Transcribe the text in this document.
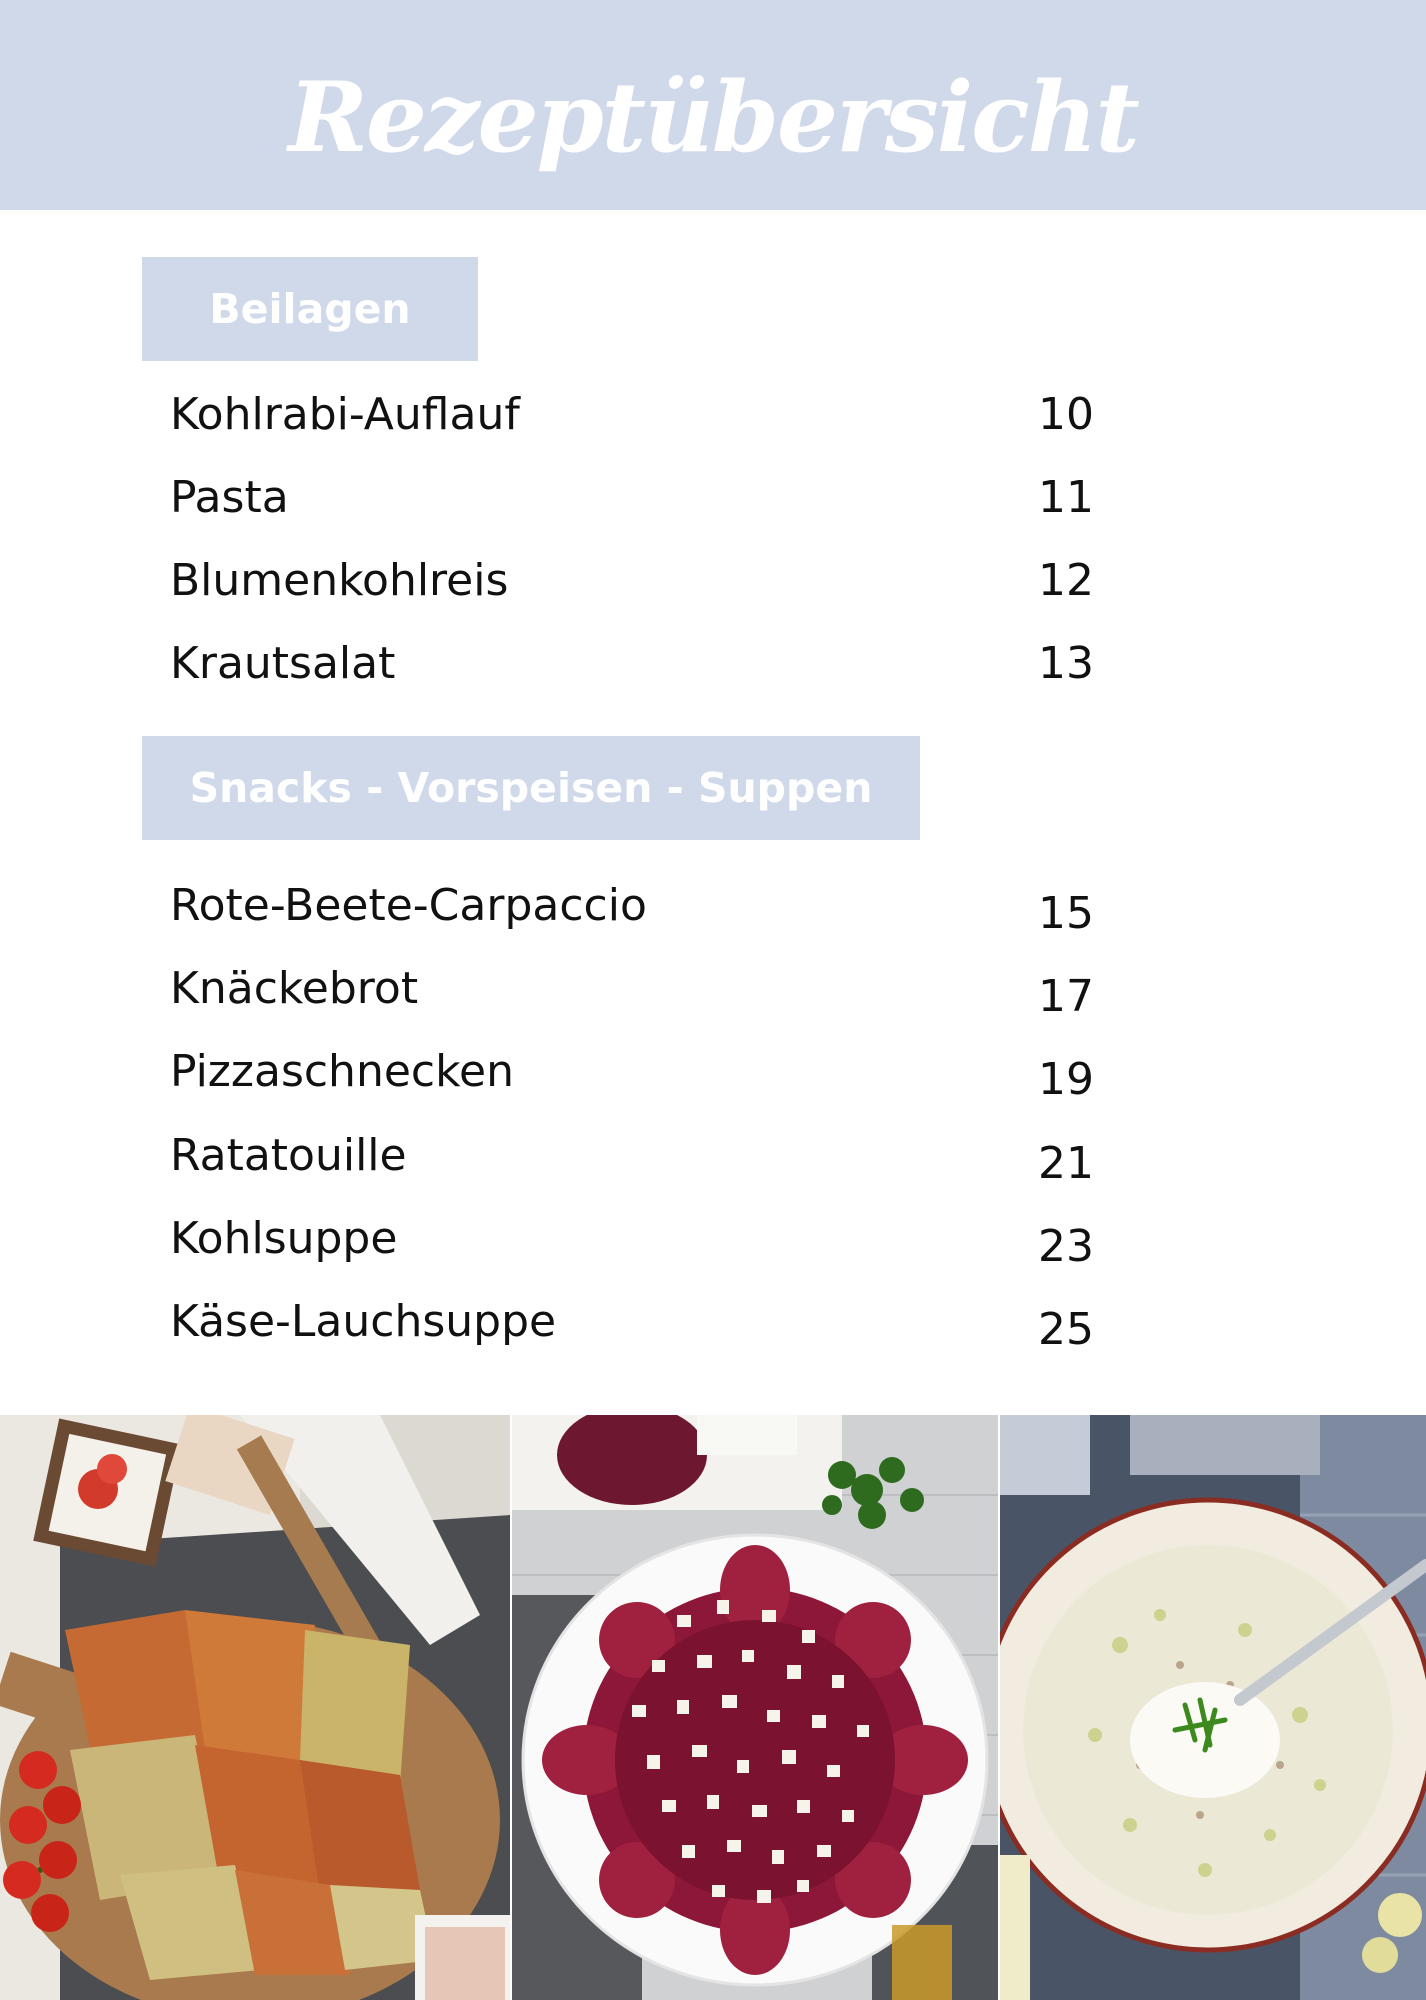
Rezeptübersicht
Beilagen
Kohlrabi-Auflauf	10
Pasta	11
Blumenkohlreis	12
Krautsalat	13
Snacks - Vorspeisen - Suppen
Rote-Beete-Carpaccio	15
Knäckebrot	17
Pizzaschnecken	19
Ratatouille	21
Kohlsuppe	23
Käse-Lauchsuppe	25
